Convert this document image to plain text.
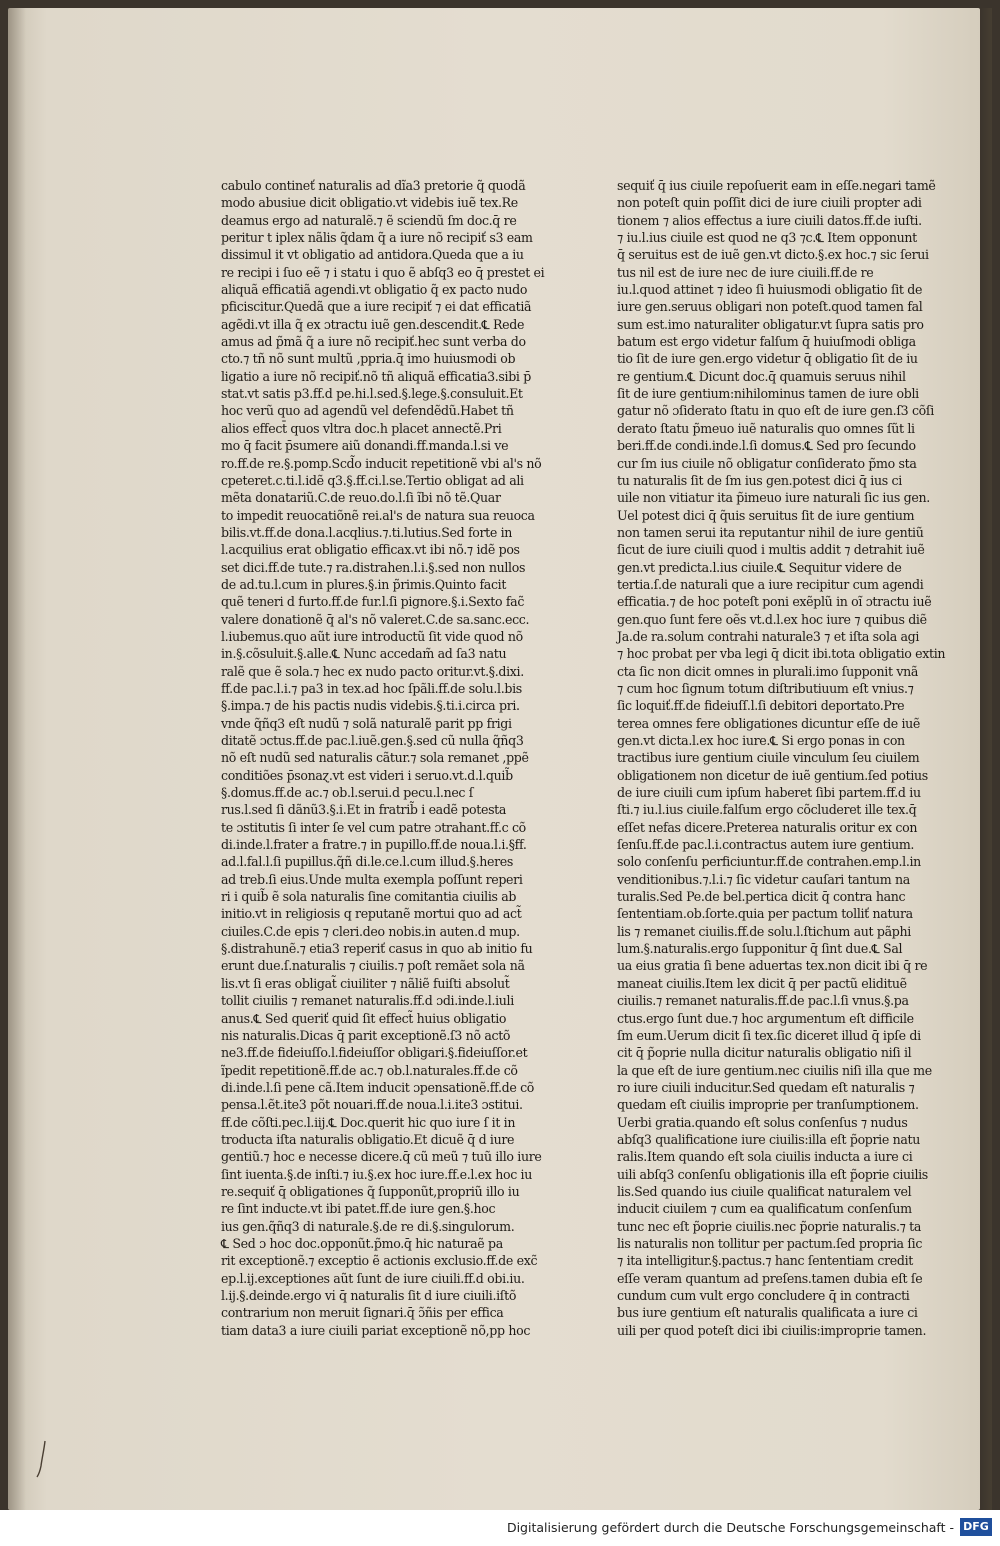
cabulo contineť naturalis ad dĩa3 pretorie q̃ quodã
modo abusiue dicit obligatio.vt videbis iuẽ tex.Re
deamus ergo ad naturalẽ.⁊ ẽ sciendũ ſm doc.q̄ re
peritur t iplex nãlis q̃dam q̃ a iure nõ recipiť s3 eam
dissimul it vt obligatio ad antidora.Queda que a iu
re recipi i ſuo eẽ ⁊ i statu i quo ẽ abſq3 eo q̄ prestet ei
aliquã efficatiã agendi.vt obligatio q̃ ex pacto nudo
pficiscitur.Quedã que a iure recipiť ⁊ ei dat efficatiã
agẽdi.vt illa q̃ ex ɔtractu iuẽ gen.descendit.℄ Rede
amus ad p̃mã q̃ a iure nõ recipiť.hec sunt verba do
cto.⁊ tñ nõ sunt multũ ,ppria.q̄ imo huiusmodi ob
ligatio a iure nõ recipiť.nõ tñ aliquã efficatia3.sibi p̄
stat.vt satis p3.ff.d pe.hi.l.sed.§.lege.§.consuluit.Et
hoc verũ quo ad agendũ vel defendẽdũ.Habet tñ
alios effect̄ quos vltra doc.h placet annectẽ.Pri
mo q̄ facit p̄sumere aiũ donandi.ff.manda.l.si ve
ro.ff.de re.§.pomp.Scd̃o inducit repetitionẽ vbi al's nõ
cpeteret.c.ti.l.idẽ q3.§.ff.ci.l.se.Tertio obligat ad ali
mẽta donatariũ.C.de reuo.do.l.ſi ĩbi nõ tẽ.Quar
to impedit reuocatiõnẽ rei.al's de natura sua reuoca
bilis.vt.ff.de dona.l.acqlius.⁊.ti.lutius.Sed forte in
l.acquilius erat obligatio efficax.vt ibi nõ.⁊ idẽ pos
set dici.ff.de tute.⁊ ra.distrahen.l.i.§.sed non nullos
de ad.tu.l.cum in plures.§.in p̃rimis.Quinto facit
quẽ teneri d furto.ff.de fur.l.ſi pignore.§.i.Sexto fac̃
valere donationẽ q̄ al's nõ valeret.C.de sa.sanc.ecc.
l.iubemus.quo aũt iure introductũ ſit vide quod nõ
in.§.cõsuluit.§.alle.℄ Nunc accedam̃ ad ſa3 natu
ralẽ que ẽ sola.⁊ hec ex nudo pacto oritur.vt.§.dixi.
ff.de pac.l.i.⁊ pa3 in tex.ad hoc ſpãli.ff.de solu.l.bis
§.impa.⁊ de his pactis nudis videbis.§.ti.i.circa pri.
vnde q̃ñq3 eſt nudũ ⁊ solã naturalẽ parit pp frigi
ditatẽ ɔctus.ff.de pac.l.iuẽ.gen.§.sed cũ nulla q̃ñq3
nõ eſt nudũ sed naturalis cãtur.⁊ sola remanet ,ppẽ
conditiões p̄sonaɀ.vt est videri i seruo.vt.d.l.quib̃
§.domus.ff.de ac.⁊ ob.l.serui.d pecu.l.nec ſ
rus.l.sed ſi dãnũ3.§.i.Et in fratrib̃ i eadẽ potesta
te ɔstitutis ſi inter ſe vel cum patre ɔtrahant.ff.c cõ
di.inde.l.frater a fratre.⁊ in pupillo.ff.de noua.l.i.§ff.
ad.l.fal.l.ſi pupillus.q̃ñ di.le.ce.l.cum illud.§.heres
ad treb.ſi eius.Unde multa exempla poſſunt reperi
ri i quib̃ ẽ sola naturalis ſine comitantia ciuilis ab
initio.vt in religiosis q reputanẽ mortui quo ad act̃
ciuiles.C.de epis ⁊ cleri.deo nobis.in auten.d mup.
§.distrahunẽ.⁊ etia3 reperiť casus in quo ab initio fu
erunt due.ſ.naturalis ⁊ ciuilis.⁊ poſt remãet sola nã
lis.vt ſi eras obligat̃ ciuiliter ⁊ nãliẽ fuiſti absolut̃
tollit ciuilis ⁊ remanet naturalis.ff.d ɔdi.inde.l.iuli
anus.℄ Sed queriť quid ſit effect̃ huius obligatio
nis naturalis.Dicas q̄ parit exceptionẽ.ſ3 nõ actõ
ne3.ff.de fideiuſſo.l.fideiuſſor obligari.§.fideiuſſor.et
ĩpedit repetitionẽ.ff.de ac.⁊ ob.l.naturales.ff.de cõ
di.inde.l.ſi pene cã.Item inducit ɔpensationẽ.ff.de cõ
pensa.l.ẽt.ite3 põt nouari.ff.de noua.l.i.ite3 ɔstitui.
ff.de cõſti.pec.l.iij.℄ Doc.querit hic quo iure ſ it in
troducta iſta naturalis obligatio.Et dicuẽ q̄ d iure
gentiũ.⁊ hoc e necesse dicere.q̄ cũ meũ ⁊ tuũ illo iure
ſint iuenta.§.de inſti.⁊ iu.§.ex hoc iure.ff.e.l.ex hoc iu
re.sequiť q̄ obligationes q̃ ſupponũt,propriũ illo iu
re ſint inducte.vt ibi patet.ff.de iure gen.§.hoc
ius gen.q̃ñq3 di naturale.§.de re di.§.singulorum.
℄ Sed ɔ hoc doc.opponũt.p̃mo.q̄ hic naturaẽ pa
rit exceptionẽ.⁊ exceptio ẽ actionis exclusio.ff.de exc̃
ep.l.ij.exceptiones aũt ſunt de iure ciuili.ff.d obi.iu.
l.ij.§.deinde.ergo vi̇ q̄ naturalis ſit d iure ciuili.iſtõ
contrarium non meruit ſignari.q̄ ɔ̃ñis per effica
tiam data3 a iure ciuili pariat exceptionẽ nõ,pp hoc
sequiť q̄ ius ciuile repoſuerit eam in eſſe.negari tamẽ
non poteſt quin poſſit dici de iure ciuili propter adi
tionem ⁊ alios effectus a iure ciuili datos.ff.de iuſti.
⁊ iu.l.ius ciuile est quod ne q3 ⁊c.℄ Item opponunt
q̄ seruitus est de iuẽ gen.vt dicto.§.ex hoc.⁊ sic ſerui
tus nil est de iure nec de iure ciuili.ff.de re
iu.l.quod attinet ⁊ ideo ſi huiusmodi obligatio ſit de
iure gen.seruus obligari non poteſt.quod tamen fal
sum est.imo naturaliter obligatur.vt ſupra satis pro
batum est ergo videtur falſum q̄ huiuſmodi obliga
tio ſit de iure gen.ergo videtur q̄ obligatio ſit de iu
re gentium.℄ Dicunt doc.q̄ quamuis seruus nihil
ſit de iure gentium:nihilominus tamen de iure obli
gatur nõ ɔſiderato ſtatu in quo eſt de iure gen.ſ3 cõſi
derato ſtatu p̃meuo iuẽ naturalis quo omnes ſũt li
beri.ff.de condi.inde.l.ſi domus.℄ Sed pro ſecundo
cur ſm ius ciuile nõ obligatur conſiderato p̃mo sta
tu naturalis ſit de ſm ius gen.potest dici q̄ ius ci
uile non vitiatur ita p̃imeuo iure naturali ſic ius gen.
Uel potest dici q̄ q̃uis seruitus ſit de iure gentium
non tamen serui ita reputantur nihil de iure gentiũ
ſicut de iure ciuili quod i multis addit ⁊ detrahit iuẽ
gen.vt predicta.l.ius ciuile.℄ Sequitur videre de
tertia.ſ.de naturali que a iure recipitur cum agendi
efficatia.⁊ de hoc poteſt poni exẽplũ in oĩ ɔtractu iuẽ
gen.quo ſunt fere oẽs vt.d.l.ex hoc iure ⁊ quibus diẽ
Ja.de ra.solum contrahi naturale3 ⁊ et iſta sola agi
⁊ hoc probat per vba legi q̄ dicit ibi.tota obligatio extin
cta ſic non dicit omnes in plurali.imo ſupponit vnã
⁊ cum hoc ſignum totum diſtributiuum eſt vnius.⁊
ſic loquiť.ff.de fideiuſſ.l.ſi debitori deportato.Pre
terea omnes fere obligationes dicuntur eſſe de iuẽ
gen.vt dicta.l.ex hoc iure.℄ Si ergo ponas in con
tractibus iure gentium ciuile vinculum ſeu ciuilem
obligationem non dicetur de iuẽ gentium.ſed potius
de iure ciuili cum ipſum haberet ſibi partem.ff.d iu
ſti.⁊ iu.l.ius ciuile.falſum ergo cõcluderet ille tex.q̄
eſſet nefas dicere.Preterea naturalis oritur ex con
ſenſu.ff.de pac.l.i.contractus autem iure gentium.
solo conſenſu perficiuntur.ff.de contrahen.emp.l.in
venditionibus.⁊.l.i.⁊ ſic videtur cauſari tantum na
turalis.Sed Pe.de bel.pertica dicit q̄ contra hanc
ſententiam.ob.ſorte.quia per pactum tolliť natura
lis ⁊ remanet ciuilis.ff.de solu.l.ſtichum aut pãphi
lum.§.naturalis.ergo ſupponitur q̄ ſint due.℄ Sal
ua eius gratia ſi bene aduertas tex.non dicit ibi q̄ re
maneat ciuilis.Item lex dicit q̄ per pactũ elidituẽ
ciuilis.⁊ remanet naturalis.ff.de pac.l.ſi vnus.§.pa
ctus.ergo ſunt due.⁊ hoc argumentum eſt difficile
ſm eum.Uerum dicit ſi tex.ſic diceret illud q̄ ipſe di
cit q̄ p̃oprie nulla dicitur naturalis obligatio niſi il
la que eſt de iure gentium.nec ciuilis niſi illa que me
ro iure ciuili inducitur.Sed quedam eſt naturalis ⁊
quedam eſt ciuilis improprie per tranſumptionem.
Uerbi gratia.quando eſt solus conſenſus ⁊ nudus
abſq3 qualificatione iure ciuilis:illa eſt p̃oprie natu
ralis.Item quando eſt sola ciuilis inducta a iure ci
uili abſq3 conſenſu obligationis illa eſt p̃oprie ciuilis
lis.Sed quando ius ciuile qualificat naturalem vel
inducit ciuilem ⁊ cum ea qualificatum conſenſum
tunc nec eſt p̃oprie ciuilis.nec p̃oprie naturalis.⁊ ta
lis naturalis non tollitur per pactum.ſed propria ſic
⁊ ita intelligitur.§.pactus.⁊ hanc ſententiam credit
eſſe veram quantum ad preſens.tamen dubia eſt ſe
cundum cum vult ergo concludere q̄ in contracti
bus iure gentium eſt naturalis qualificata a iure ci
uili per quod poteſt dici ibi ciuilis:improprie tamen.
Digitalisierung gefördert durch die Deutsche Forschungsgemeinschaft - DFG
